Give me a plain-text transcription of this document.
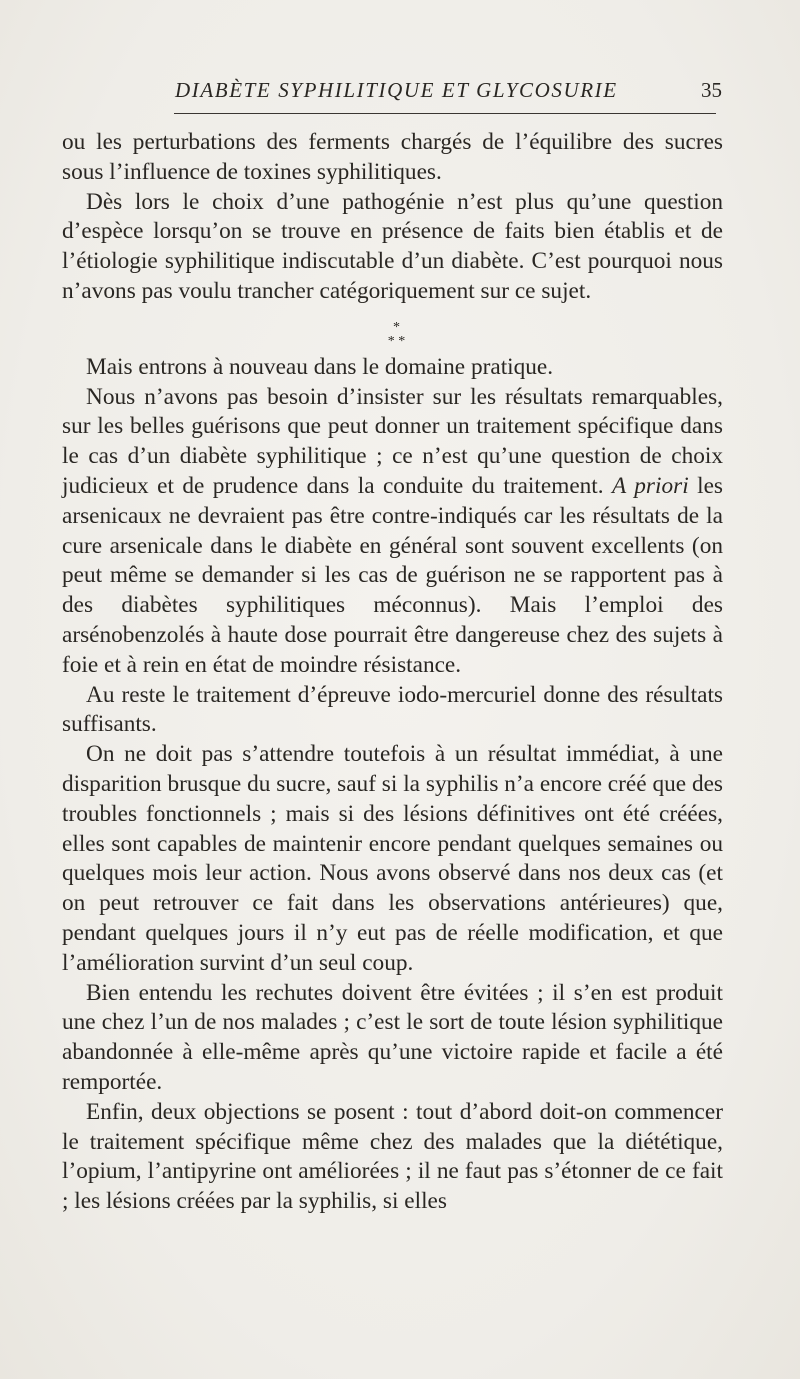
DIABÈTE SYPHILITIQUE ET GLYCOSURIE	35

ou les perturbations des ferments chargés de l’équilibre des sucres sous l’influence de toxines syphilitiques.

Dès lors le choix d’une pathogénie n’est plus qu’une question d’espèce lorsqu’on se trouve en présence de faits bien établis et de l’étiologie syphilitique indiscutable d’un diabète. C’est pourquoi nous n’avons pas voulu trancher catégoriquement sur ce sujet.

*
* *

Mais entrons à nouveau dans le domaine pratique.

Nous n’avons pas besoin d’insister sur les résultats remarquables, sur les belles guérisons que peut donner un traitement spécifique dans le cas d’un diabète syphilitique ; ce n’est qu’une question de choix judicieux et de prudence dans la conduite du traitement. A priori les arsenicaux ne devraient pas être contre-indiqués car les résultats de la cure arsenicale dans le diabète en général sont souvent excellents (on peut même se demander si les cas de guérison ne se rapportent pas à des diabètes syphilitiques méconnus). Mais l’emploi des arsénobenzolés à haute dose pourrait être dangereuse chez des sujets à foie et à rein en état de moindre résistance.

Au reste le traitement d’épreuve iodo-mercuriel donne des résultats suffisants.

On ne doit pas s’attendre toutefois à un résultat immédiat, à une disparition brusque du sucre, sauf si la syphilis n’a encore créé que des troubles fonctionnels ; mais si des lésions définitives ont été créées, elles sont capables de maintenir encore pendant quelques semaines ou quelques mois leur action. Nous avons observé dans nos deux cas (et on peut retrouver ce fait dans les observations antérieures) que, pendant quelques jours il n’y eut pas de réelle modification, et que l’amélioration survint d’un seul coup.

Bien entendu les rechutes doivent être évitées ; il s’en est produit une chez l’un de nos malades ; c’est le sort de toute lésion syphilitique abandonnée à elle-même après qu’une victoire rapide et facile a été remportée.

Enfin, deux objections se posent : tout d’abord doit-on commencer le traitement spécifique même chez des malades que la diététique, l’opium, l’antipyrine ont améliorées ; il ne faut pas s’étonner de ce fait ; les lésions créées par la syphilis, si elles
